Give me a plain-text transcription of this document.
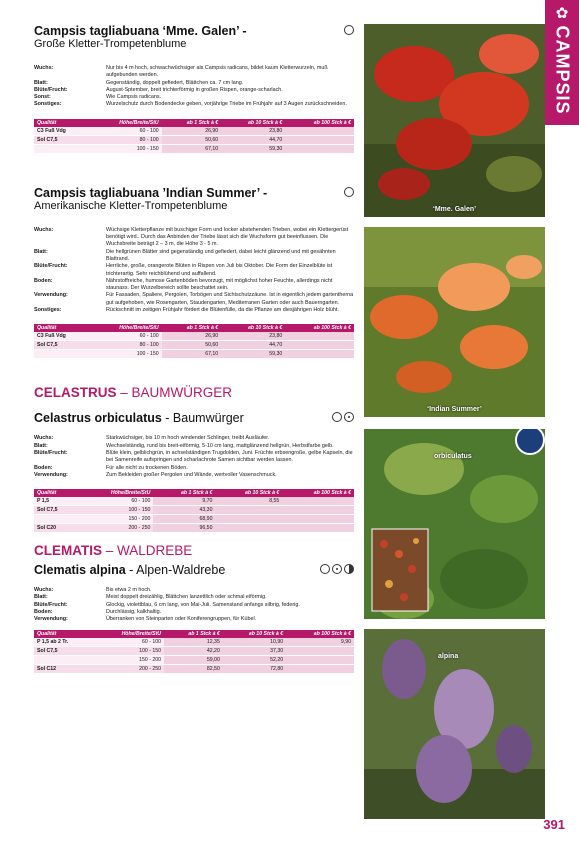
✿
CAMPSIS
Campsis tagliabuana ‘Mme. Galen’ -
Große Kletter-Trompetenblume
Wuchs:	Nur bis 4 m hoch, schwachwüchsiger als Campsis radicans, bildet kaum Kletterwurzeln, muß aufgebunden werden.
Blatt:	Gegenständig, doppelt gefiedert, Blättchen ca. 7 cm lang.
Blüte/Frucht:	August-Sptember, breit trichterförmig in großen Rispen, orange-scharlach.
Sonst:	Wie Campsis radicans.
Sonstiges:	Wurzelschutz durch Bodendecke geben, vorjährige Triebe im Frühjahr auf 3 Augen zurückschneiden.
Qualität	Höhe/Breite/StU	ab 1 Stck à €	ab 10 Stck à €	ab 100 Stck à €
C3 Fuß Vdg	60 - 100	26,90	23,80	
Sol C7,5	80 - 100	50,60	44,70	
	100 - 150	67,10	59,30	
Campsis tagliabuana ’Indian Summer’ -
Amerikanische Kletter-Trompetenblume
Wuchs:	Wüchsige Kletterpflanze mit buschiger Form und locker abstehenden Trieben, wobei ein Klettergerüst benötigt wird.. Durch das Anbinden der Triebe lässt sich die Wuchsform gut beeinflussen. Die Wuchsbreite beträgt 2 – 3 m, die Höhe 3 - 5 m.
Blatt:	Die hellgrünen Blätter sind gegenständig und gefiedert, dabei leicht glänzend und mit gesähnten Blattrand.
Blüte/Frucht:	Herrliche, große, orangerote Blüten in Rispen von Juli bis Oktober. Die Form der Einzelblüte ist trichterartig. Sehr reichblühend und auffallend.
Boden:	Nährstoffreiche, humose Gartenböden bevorzugt, mit möglichst hoher Feuchte, allerdings nicht staunass. Der Wurzelbereich sollte beschattet sein.
Verwendung:	Für Fassaden, Spaliere, Pergolen, Torbögen und Sichtschutzzäune. Ist in eigentlich jedem gartentherna gut aufgehoben, wie Rosengarten, Staudengarten, Mediterranen Garten oder auch Bauerngarten.
Sonstiges:	Rückschnitt im zeitigen Frühjahr fördert die Blütenfülle, da die Pflanze am diesjährigen Holz blüht.
Qualität	Höhe/Breite/StU	ab 1 Stck à €	ab 10 Stck à €	ab 100 Stck à €
C3 Fuß Vdg	60 - 100	26,90	23,80	
Sol C7,5	80 - 100	50,60	44,70	
	100 - 150	67,10	59,30	
CELASTRUS – BAUMWÜRGER
Celastrus orbiculatus - Baumwürger
Wuchs:	Starkwüchsiger, bis 10 m hoch windender Schlinger, treibt Ausläufer.
Blatt:	Wechselständig, rund bis breit-eiförmig, 5-10 cm lang, mattglänzend hellgrün, Herbstfarbe gelb.
Blüte/Frucht:	Blüte klein, gelblichgrün, in achselständigen Trugdolden, Juni. Früchte erbsengroße, gelbe Kapseln, die bei Samenreife aufspringen und scharlachrote Samen sichtbar werden lassen.
Boden:	Für alle nicht zu trockenen Böden.
Verwendung:	Zum Bekleiden großer Pergolen und Wände, wertvoller Vasenschmuck.
Qualität	Höhe/Breite/StU	ab 1 Stck à €	ab 10 Stck à €	ab 100 Stck à €
P 1,5	60 - 100	9,70	8,55	
Sol C7,5	100 - 150	43,30		
	150 - 200	68,90		
Sol C20	200 - 250	96,50		
CLEMATIS – WALDREBE
Clematis alpina - Alpen-Waldrebe
Wuchs:	Bis etwa 2 m hoch.
Blatt:	Meist doppelt dreizählig, Blättchen lanzettlich oder schmal eiförmig.
Blüte/Frucht:	Glockig, violettblau, 6 cm lang, von Mai-Juli. Samenstand anfangs silbrig, federig.
Boden:	Durchlässig, kalkhaltig.
Verwendung:	Überranken von Steinparten oder Koniferengruppen, für Kübel.
Qualität	Höhe/Breite/StU	ab 1 Stck à €	ab 10 Stck à €	ab 100 Stck à €
P 1,5 ab 2 Tr.	60 - 100	12,35	10,90	9,90
Sol C7,5	100 - 150	42,20	37,30	
	150 - 200	59,00	52,20	
Sol C12	200 - 250	82,50	72,80	
‘Mme. Galen’
‘Indian Summer’
orbiculatus
alpina
391
